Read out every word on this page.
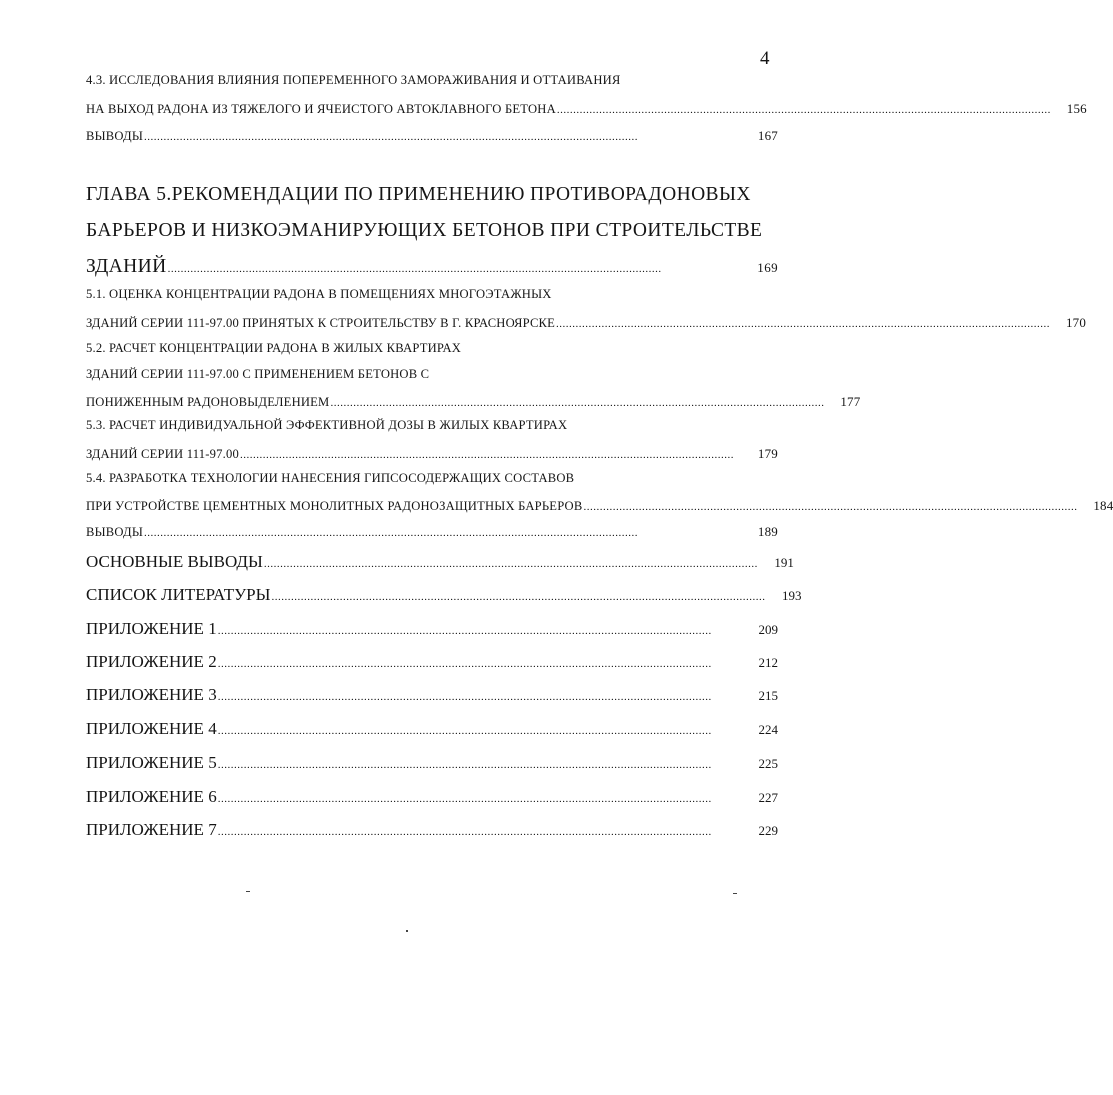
4
4.3. ИССЛЕДОВАНИЯ ВЛИЯНИЯ ПОПЕРЕМЕННОГО ЗАМОРАЖИВАНИЯ И ОТТАИВАНИЯ
НА ВЫХОД РАДОНА ИЗ ТЯЖЕЛОГО И ЯЧЕИСТОГО АВТОКЛАВНОГО БЕТОНА ........................................................................................................................................................	156
ВЫВОДЫ ........................................................................................................................................................	167
ГЛАВА 5.РЕКОМЕНДАЦИИ ПО ПРИМЕНЕНИЮ ПРОТИВОРАДОНОВЫХ
БАРЬЕРОВ И НИЗКОЭМАНИРУЮЩИХ БЕТОНОВ ПРИ СТРОИТЕЛЬСТВЕ
ЗДАНИЙ ........................................................................................................................................................	169
5.1. ОЦЕНКА КОНЦЕНТРАЦИИ РАДОНА В ПОМЕЩЕНИЯХ МНОГОЭТАЖНЫХ
ЗДАНИЙ СЕРИИ 111-97.00 ПРИНЯТЫХ К СТРОИТЕЛЬСТВУ В Г. КРАСНОЯРСКЕ ........................................................................................................................................................	170
5.2. РАСЧЕТ КОНЦЕНТРАЦИИ РАДОНА В ЖИЛЫХ КВАРТИРАХ
ЗДАНИЙ СЕРИИ 111-97.00 С ПРИМЕНЕНИЕМ БЕТОНОВ С
ПОНИЖЕННЫМ РАДОНОВЫДЕЛЕНИЕМ ........................................................................................................................................................	177
5.3. РАСЧЕТ ИНДИВИДУАЛЬНОЙ ЭФФЕКТИВНОЙ ДОЗЫ В ЖИЛЫХ КВАРТИРАХ
ЗДАНИЙ СЕРИИ 111-97.00 ........................................................................................................................................................	179
5.4. РАЗРАБОТКА ТЕХНОЛОГИИ НАНЕСЕНИЯ ГИПСОСОДЕРЖАЩИХ СОСТАВОВ
ПРИ УСТРОЙСТВЕ ЦЕМЕНТНЫХ МОНОЛИТНЫХ РАДОНОЗАЩИТНЫХ БАРЬЕРОВ ........................................................................................................................................................	184
ВЫВОДЫ ........................................................................................................................................................	189
ОСНОВНЫЕ ВЫВОДЫ ........................................................................................................................................................	191
СПИСОК ЛИТЕРАТУРЫ ........................................................................................................................................................	193
ПРИЛОЖЕНИЕ 1 ........................................................................................................................................................	209
ПРИЛОЖЕНИЕ 2 ........................................................................................................................................................	212
ПРИЛОЖЕНИЕ 3 ........................................................................................................................................................	215
ПРИЛОЖЕНИЕ 4 ........................................................................................................................................................	224
ПРИЛОЖЕНИЕ 5 ........................................................................................................................................................	225
ПРИЛОЖЕНИЕ 6 ........................................................................................................................................................	227
ПРИЛОЖЕНИЕ 7 ........................................................................................................................................................	229
